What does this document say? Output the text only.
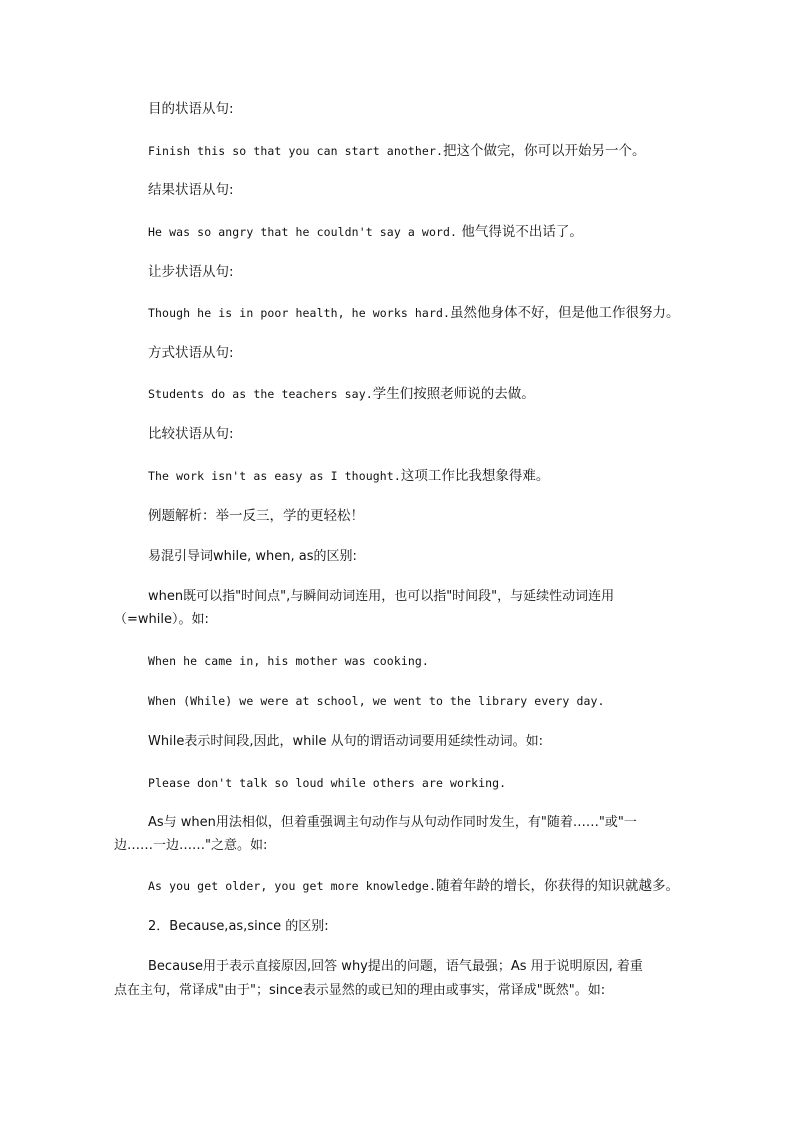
目的状语从句:
Finish this so that you can start another.把这个做完，你可以开始另一个。
结果状语从句:
He was so angry that he couldn't say a word. 他气得说不出话了。
让步状语从句:
Though he is in poor health, he works hard.虽然他身体不好，但是他工作很努力。
方式状语从句:
Students do as the teachers say.学生们按照老师说的去做。
比较状语从句:
The work isn't as easy as I thought.这项工作比我想象得难。
例题解析：举一反三，学的更轻松！
易混引导词while, when, as的区别:
when既可以指"时间点",与瞬间动词连用，也可以指"时间段"，与延续性动词连用
（=while）。如:
When he came in, his mother was cooking.
When (While) we were at school, we went to the library every day.
While表示时间段,因此，while 从句的谓语动词要用延续性动词。如:
Please don't talk so loud while others are working.
As与 when用法相似，但着重强调主句动作与从句动作同时发生，有"随着……"或"一
边……一边……"之意。如:
As you get older, you get more knowledge.随着年龄的增长，你获得的知识就越多。
2．Because,as,since 的区别:
Because用于表示直接原因,回答 why提出的问题，语气最强；As 用于说明原因, 着重
点在主句，常译成"由于"；since表示显然的或已知的理由或事实，常译成"既然"。如:
